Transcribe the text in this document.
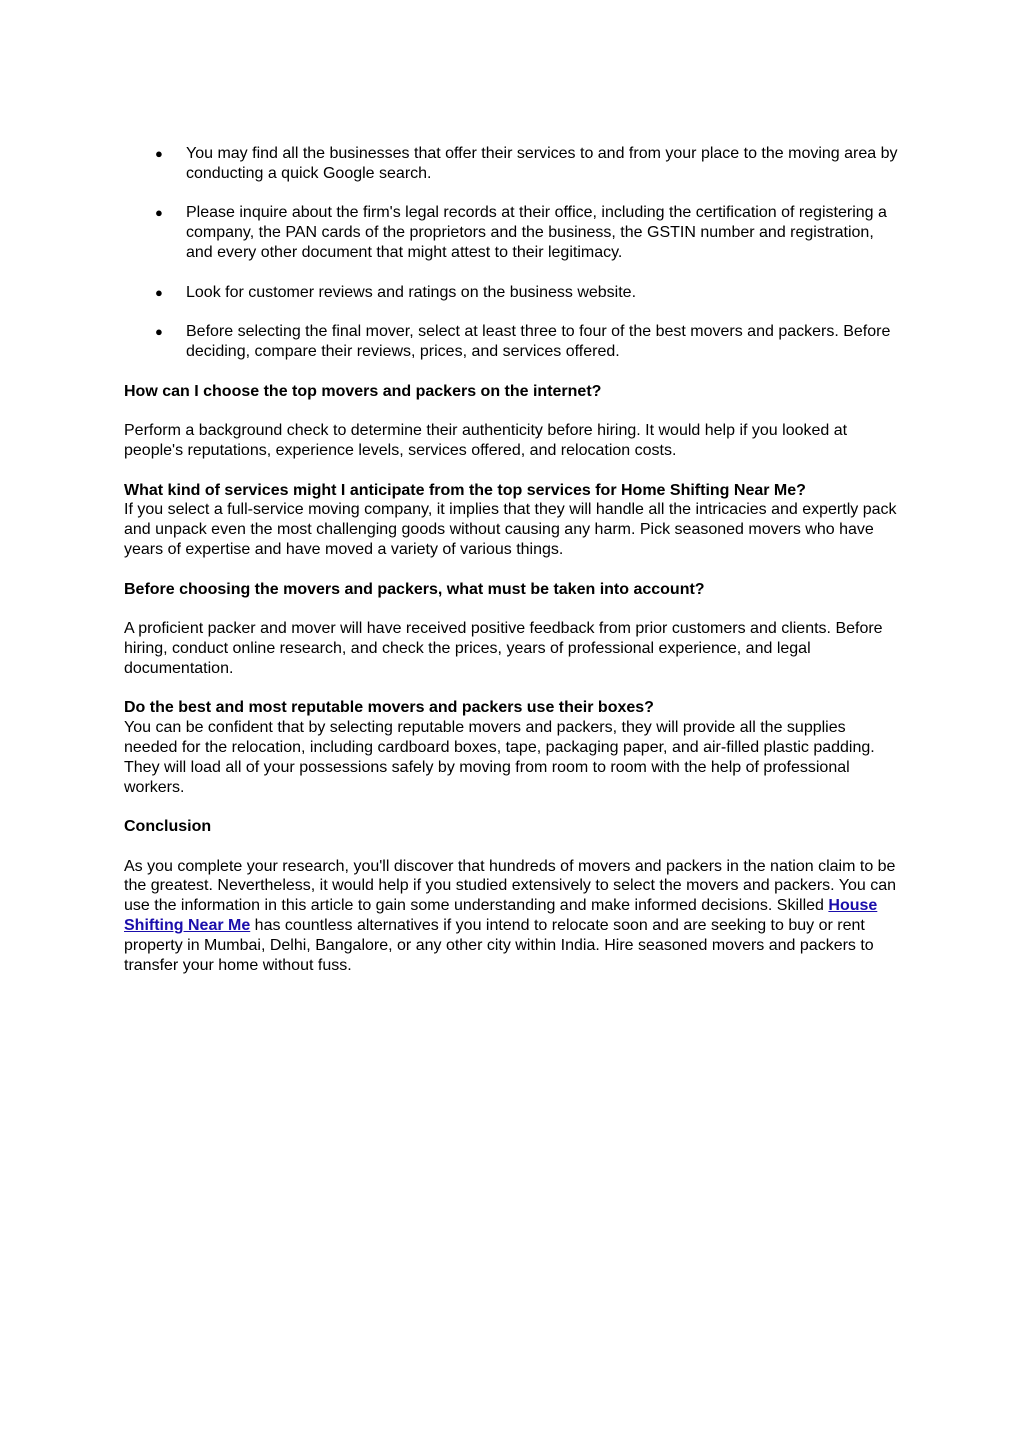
● You may find all the businesses that offer their services to and from your place to the moving area by conducting a quick Google search.
● Please inquire about the firm's legal records at their office, including the certification of registering a company, the PAN cards of the proprietors and the business, the GSTIN number and registration, and every other document that might attest to their legitimacy.
● Look for customer reviews and ratings on the business website.
● Before selecting the final mover, select at least three to four of the best movers and packers. Before deciding, compare their reviews, prices, and services offered.

How can I choose the top movers and packers on the internet?

Perform a background check to determine their authenticity before hiring. It would help if you looked at people's reputations, experience levels, services offered, and relocation costs.

What kind of services might I anticipate from the top services for Home Shifting Near Me?

If you select a full-service moving company, it implies that they will handle all the intricacies and expertly pack and unpack even the most challenging goods without causing any harm. Pick seasoned movers who have years of expertise and have moved a variety of various things.

Before choosing the movers and packers, what must be taken into account?

A proficient packer and mover will have received positive feedback from prior customers and clients. Before hiring, conduct online research, and check the prices, years of professional experience, and legal documentation.

Do the best and most reputable movers and packers use their boxes?

You can be confident that by selecting reputable movers and packers, they will provide all the supplies needed for the relocation, including cardboard boxes, tape, packaging paper, and air-filled plastic padding. They will load all of your possessions safely by moving from room to room with the help of professional workers.

Conclusion

As you complete your research, you'll discover that hundreds of movers and packers in the nation claim to be the greatest. Nevertheless, it would help if you studied extensively to select the movers and packers. You can use the information in this article to gain some understanding and make informed decisions. Skilled House Shifting Near Me has countless alternatives if you intend to relocate soon and are seeking to buy or rent property in Mumbai, Delhi, Bangalore, or any other city within India. Hire seasoned movers and packers to transfer your home without fuss.
